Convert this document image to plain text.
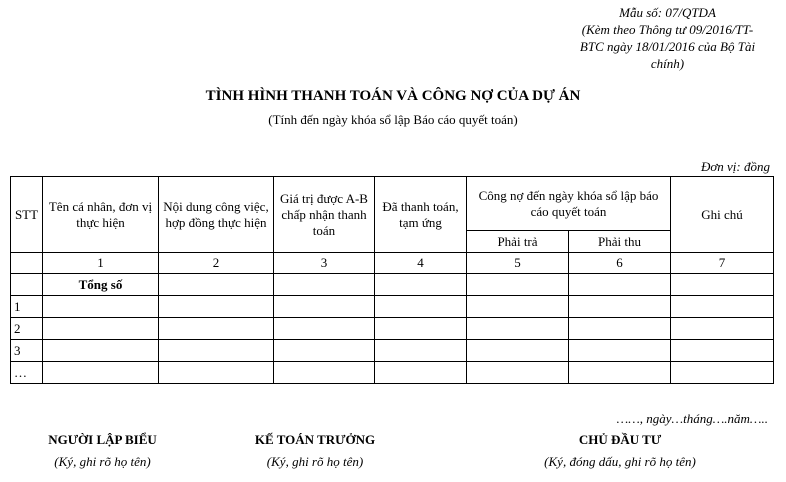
Mẫu số: 07/QTDA
(Kèm theo Thông tư 09/2016/TT-
BTC ngày 18/01/2016 của Bộ Tài
chính)
TÌNH HÌNH THANH TOÁN VÀ CÔNG NỢ CỦA DỰ ÁN
(Tính đến ngày khóa sổ lập Báo cáo quyết toán)
Đơn vị: đồng
STT	Tên cá nhân, đơn vị thực hiện	Nội dung công việc, hợp đồng thực hiện	Giá trị được A-B chấp nhận thanh toán	Đã thanh toán, tạm ứng	Công nợ đến ngày khóa sổ lập báo cáo quyết toán		Ghi chú
					Phải trả	Phải thu	
	1	2	3	4	5	6	7
	Tổng số						
1							
2							
3							
…							
……, ngày…tháng….năm…..
NGƯỜI LẬP BIỂU
(Ký, ghi rõ họ tên)
KẾ TOÁN TRƯỞNG
(Ký, ghi rõ họ tên)
CHỦ ĐẦU TƯ
(Ký, đóng dấu, ghi rõ họ tên)
